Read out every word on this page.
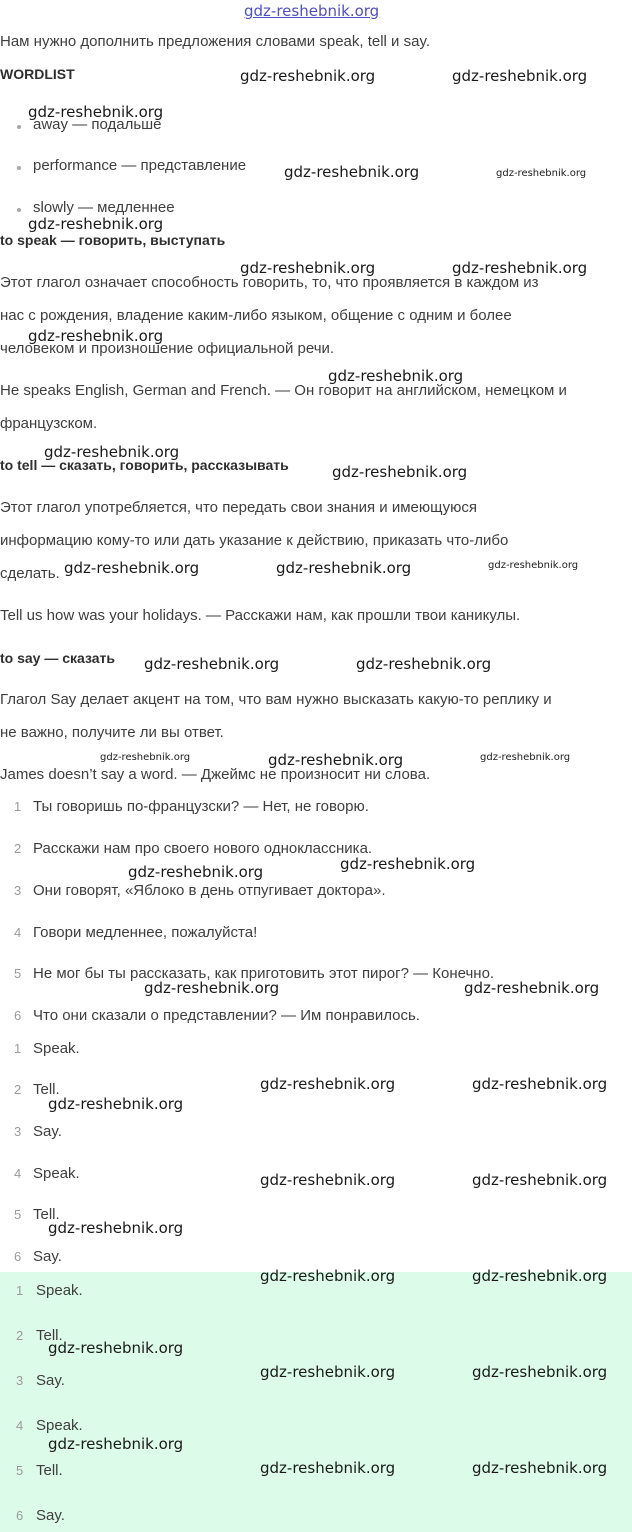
gdz-reshebnik.org
Нам нужно дополнить предложения словами speak, tell и say.
WORDLIST
away — подальше
performance — представление
slowly — медленнее
to speak — говорить, выступать
Этот глагол означает способность говорить, то, что проявляется в каждом из
нас с рождения, владение каким-либо языком, общение с одним и более
человеком и произношение официальной речи.
He speaks English, German and French. — Он говорит на английском, немецком и
французском.
to tell — сказать, говорить, рассказывать
Этот глагол употребляется, что передать свои знания и имеющуюся
информацию кому-то или дать указание к действию, приказать что-либо
сделать.
Tell us how was your holidays. — Расскажи нам, как прошли твои каникулы.
to say — сказать
Глагол Say делает акцент на том, что вам нужно высказать какую-то реплику и
не важно, получите ли вы ответ.
James doesn’t say a word. — Джеймс не произносит ни слова.
1 Ты говоришь по-французски? — Нет, не говорю.
2 Расскажи нам про своего нового одноклассника.
3 Они говорят, «Яблоко в день отпугивает доктора».
4 Говори медленнее, пожалуйста!
5 Не мог бы ты рассказать, как приготовить этот пирог? — Конечно.
6 Что они сказали о представлении? — Им понравилось.
1 Speak.
2 Tell.
3 Say.
4 Speak.
5 Tell.
6 Say.
1 Speak.
2 Tell.
3 Say.
4 Speak.
5 Tell.
6 Say.
gdz-reshebnik.org	gdz-reshebnik.org
gdz-reshebnik.org
gdz-reshebnik.org	gdz-reshebnik.org
gdz-reshebnik.org
gdz-reshebnik.org	gdz-reshebnik.org
gdz-reshebnik.org
gdz-reshebnik.org
gdz-reshebnik.org
gdz-reshebnik.org
gdz-reshebnik.org	gdz-reshebnik.org	gdz-reshebnik.org
gdz-reshebnik.org	gdz-reshebnik.org
gdz-reshebnik.org	gdz-reshebnik.org	gdz-reshebnik.org
gdz-reshebnik.org
gdz-reshebnik.org
gdz-reshebnik.org	gdz-reshebnik.org
gdz-reshebnik.org	gdz-reshebnik.org
gdz-reshebnik.org
gdz-reshebnik.org	gdz-reshebnik.org
gdz-reshebnik.org
gdz-reshebnik.org	gdz-reshebnik.org
gdz-reshebnik.org
gdz-reshebnik.org	gdz-reshebnik.org
gdz-reshebnik.org
gdz-reshebnik.org	gdz-reshebnik.org
